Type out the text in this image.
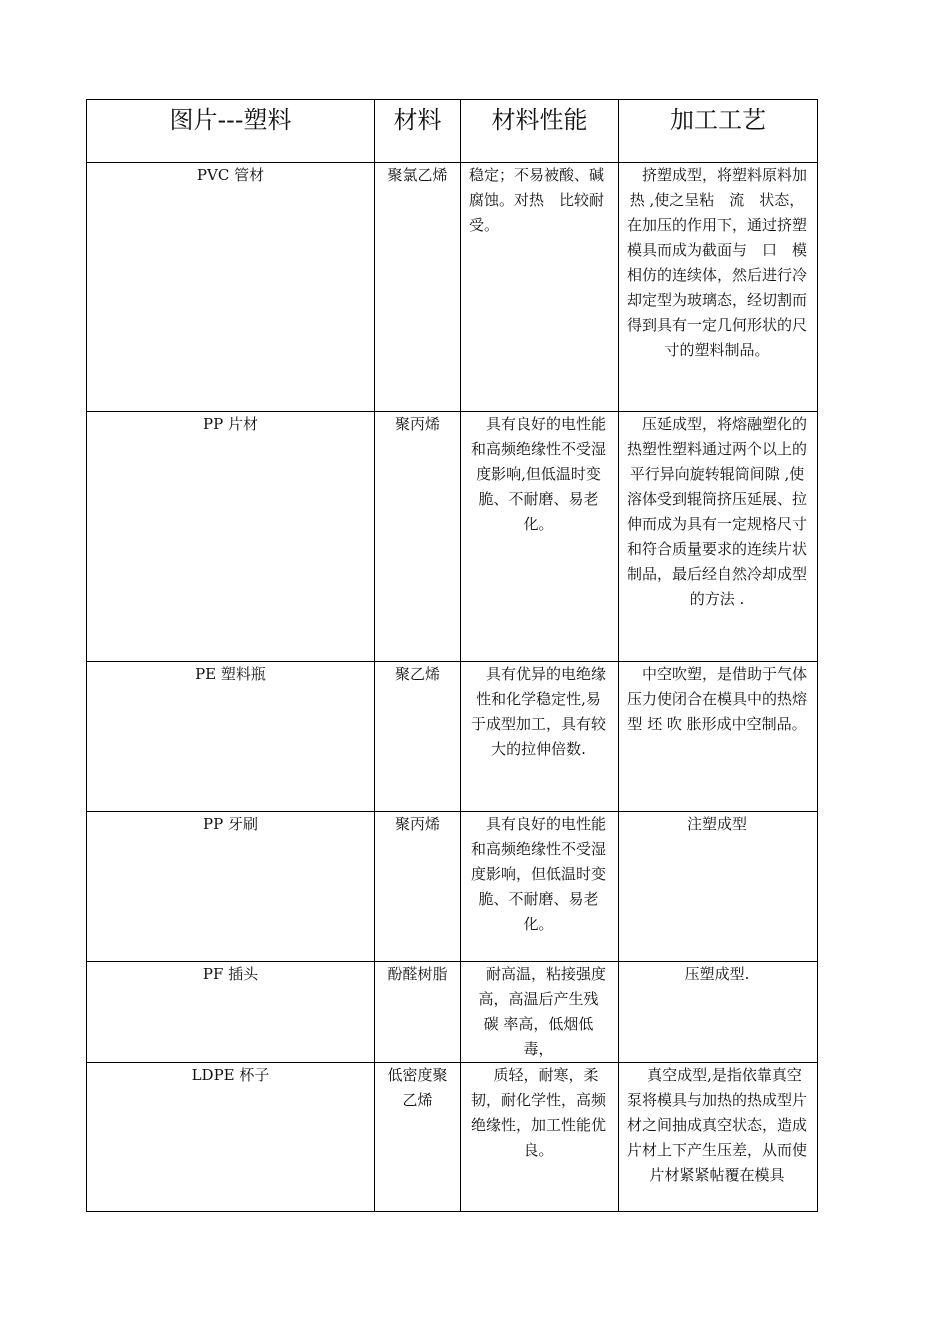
图片---塑料	材料	材料性能	加工工艺

PVC 管材	聚氯乙烯	稳定；不易被酸、碱腐蚀。对热　比较耐受。	　挤塑成型，将塑料原料加热 ,使之呈粘　流　状态，在加压的作用下，通过挤塑模具而成为截面与　口　模相仿的连续体，然后进行冷却定型为玻璃态，经切割而得到具有一定几何形状的尺寸的塑料制品。

PP 片材	聚丙烯	　具有良好的电性能和高频绝缘性不受湿度影响,但低温时变脆、不耐磨、易老化。	　压延成型，将熔融塑化的热塑性塑料通过两个以上的平行异向旋转辊筒间隙 ,使溶体受到辊筒挤压延展、拉伸而成为具有一定规格尺寸和符合质量要求的连续片状制品，最后经自然冷却成型的方法 .

PE 塑料瓶	聚乙烯	　具有优异的电绝缘性和化学稳定性,易于成型加工，具有较大的拉伸倍数.	　中空吹塑，是借助于气体压力使闭合在模具中的热熔型 坯 吹 胀形成中空制品。

PP 牙刷	聚丙烯	　具有良好的电性能和高频绝缘性不受湿度影响，但低温时变脆、不耐磨、易老化。	注塑成型

PF 插头	酚醛树脂	　耐高温，粘接强度高，高温后产生残 碳 率高，低烟低毒，	压塑成型.

LDPE 杯子	低密度聚乙烯	　质轻，耐寒，柔韧，耐化学性，高频绝缘性，加工性能优良。	　真空成型,是指依靠真空泵将模具与加热的热成型片材之间抽成真空状态，造成片材上下产生压差，从而使片材紧紧帖覆在模具
